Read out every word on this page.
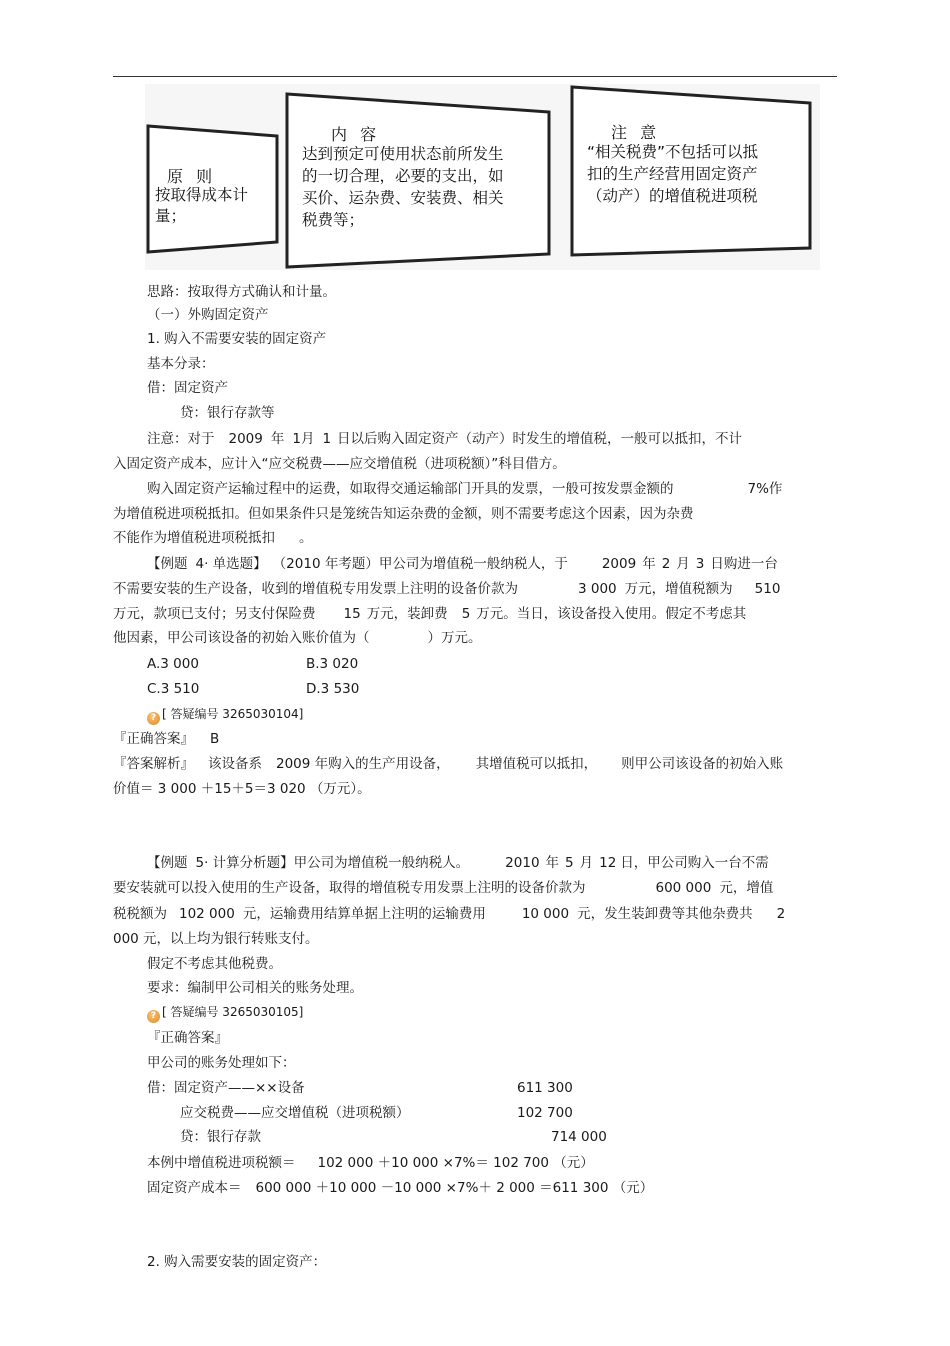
原 则
按取得成本计
量；
内 容
达到预定可使用状态前所发生
的一切合理，必要的支出，如
买价、运杂费、安装费、相关
税费等；
注 意
“相关税费”不包括可以抵
扣的生产经营用固定资产
（动产）的增值税进项税
思路：按取得方式确认和计量。
（一）外购固定资产
1. 购入不需要安装的固定资产
基本分录：
借：固定资产
贷：银行存款等
注意：对于 2009 年 1月 1 日以后购入固定资产（动产）时发生的增值税，一般可以抵扣，不计
入固定资产成本，应计入“应交税费——应交增值税（进项税额）”科目借方。
购入固定资产运输过程中的运费，如取得交通运输部门开具的发票，一般可按发票金额的	7%作
为增值税进项税抵扣。但如果条件只是笼统告知运杂费的金额，则不需要考虑这个因素，因为杂费
不能作为增值税进项税抵扣 。
【例题 4· 单选题】 （2010 年考题）甲公司为增值税一般纳税人，于	2009 年 2 月 3 日购进一台
不需要安装的生产设备，收到的增值税专用发票上注明的设备价款为	3 000 万元，增值税额为 510
万元，款项已支付；另支付保险费 15 万元，装卸费 5 万元。当日，该设备投入使用。假定不考虑其
他因素，甲公司该设备的初始入账价值为（	）万元。
A.3 000	B.3 020
C.3 510	D.3 530
? [ 答疑编号 3265030104]
『正确答案』 B
『答案解析』 该设备系 2009 年购入的生产用设备， 其增值税可以抵扣， 则甲公司该设备的初始入账
价值＝ 3 000 ＋15＋5＝3 020 （万元）。
【例题 5· 计算分析题】甲公司为增值税一般纳税人。	2010 年 5 月 12 日，甲公司购入一台不需
要安装就可以投入使用的生产设备，取得的增值税专用发票上注明的设备价款为	600 000 元，增值
税税额为 102 000 元，运输费用结算单据上注明的运输费用	10 000 元，发生装卸费等其他杂费共 2
000 元，以上均为银行转账支付。
假定不考虑其他税费。
要求：编制甲公司相关的账务处理。
? [ 答疑编号 3265030105]
『正确答案』
甲公司的账务处理如下：
借：固定资产——××设备	611 300
应交税费——应交增值税（进项税额）	102 700
贷：银行存款	714 000
本例中增值税进项税额＝ 102 000 ＋10 000 ×7%＝ 102 700 （元）
固定资产成本＝ 600 000 ＋10 000 －10 000 ×7%＋ 2 000 ＝611 300 （元）
2. 购入需要安装的固定资产：
